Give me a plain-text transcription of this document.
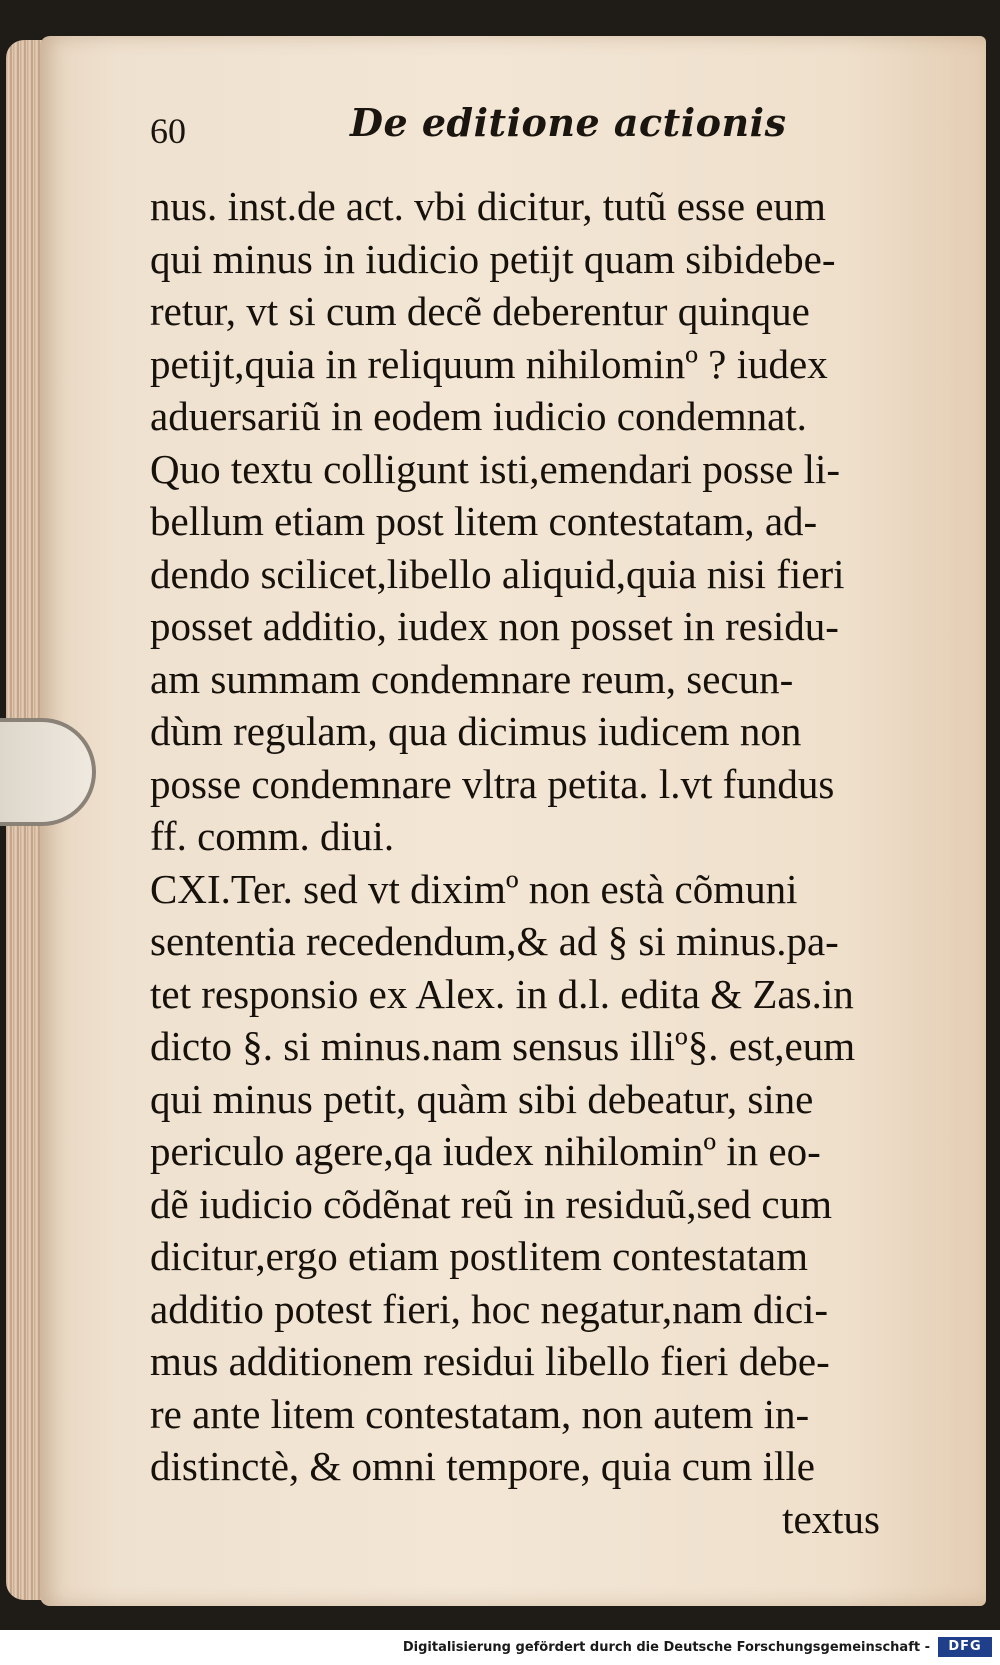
60	De editione actionis
nus. inst.de act. vbi dicitur, tutũ esse eum
qui minus in iudicio petijt quam sibidebe-
retur, vt si cum decẽ deberentur quinque
petijt,quia in reliquum nihilominº ? iudex
aduersariũ in eodem iudicio condemnat.
Quo textu colligunt isti,emendari posse li-
bellum etiam post litem contestatam, ad-
dendo scilicet,libello aliquid,quia nisi fieri
posset additio, iudex non posset in residu-
am summam condemnare reum, secun-
dùm regulam, qua dicimus iudicem non
posse condemnare vltra petita. l.vt fundus
ff. comm. diui.
CXI.Ter. sed vt diximº non està cõmuni
sententia recedendum,& ad § si minus.pa-
tet responsio ex Alex. in d.l. edita & Zas.in
dicto §. si minus.nam sensus illiº§. est,eum
qui minus petit, quàm sibi debeatur, sine
periculo agere,qa iudex nihilominº in eo-
dẽ iudicio cõdẽnat reũ in residuũ,sed cum
dicitur,ergo etiam postlitem contestatam
additio potest fieri, hoc negatur,nam dici-
mus additionem residui libello fieri debe-
re ante litem contestatam, non autem in-
distinctè, & omni tempore, quia cum ille
textus
Digitalisierung gefördert durch die Deutsche Forschungsgemeinschaft -	DFG
